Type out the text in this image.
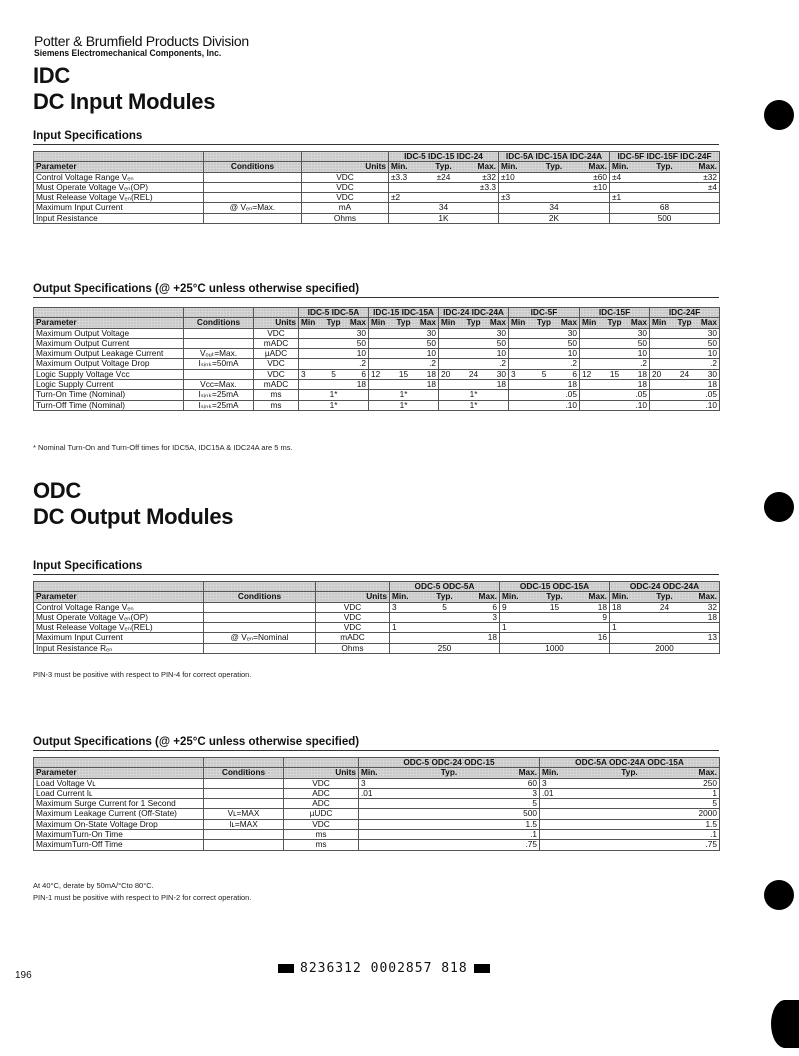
Potter & Brumfield Products Division
Siemens Electromechanical Components, Inc.
IDC
DC Input Modules
Input Specifications
			IDC-5 IDC-15 IDC-24	IDC-5A IDC-15A IDC-24A	IDC-5F IDC-15F IDC-24F
Parameter	Conditions	Units	Min. Typ. Max.	Min. Typ. Max.	Min. Typ. Max.

Control Voltage Range Vₑₙ		VDC	±3.3 ±24 ±32	±10 ±60	±4 ±32

Must Operate Voltage Vₑₙ(OP)		VDC	±3.3	±10	±4

Must Release Voltage Vₑₙ(REL)		VDC	±2	±3	±1

Maximum Input Current	@ Vₑₙ=Max.	mA	34	34	68

Input Resistance		Ohms	1K	2K	500
Output Specifications (@ +25°C unless otherwise specified)
			IDC-5 IDC-5A	IDC-15 IDC-15A	IDC-24 IDC-24A	IDC-5F	IDC-15F	IDC-24F
Parameter	Conditions	Units	Min Typ Max	Min Typ Max	Min Typ Max	Min Typ Max	Min Typ Max	Min Typ Max

Maximum Output Voltage		VDC	30	30	30	30	30	30

Maximum Output Current		mADC	50	50	50	50	50	50

Maximum Output Leakage Current	Vₒᵤₜ=Max.	µADC	10	10	10	10	10	10

Maximum Output Voltage Drop	Iₛᵢₙₖ=50mA	VDC	.2	.2	.2	.2	.2	.2

Logic Supply Voltage Vᴄᴄ		VDC	3 5 6	12 15 18	20 24 30	3 5 6	12 15 18	20 24 30

Logic Supply Current	Vᴄᴄ=Max.	mADC	18	18	18	18	18	18

Turn-On Time (Nominal)	Iₛᵢₙₖ=25mA	ms	1*	1*	1*	.05	.05	.05

Turn-Off Time (Nominal)	Iₛᵢₙₖ=25mA	ms	1*	1*	1*	.10	.10	.10
* Nominal Turn-On and Turn-Off times for IDC5A, IDC15A & IDC24A are 5 ms.
ODC
DC Output Modules
Input Specifications
			ODC-5 ODC-5A	ODC-15 ODC-15A	ODC-24 ODC-24A
Parameter	Conditions	Units	Min. Typ. Max.	Min. Typ. Max.	Min. Typ. Max.

Control Voltage Range Vₑₙ		VDC	3 5 6	9 15 18	18 24 32

Must Operate Voltage Vₑₙ(OP)		VDC	3	9	18

Must Release Voltage Vₑₙ(REL)		VDC	1	1	1

Maximum Input Current	@ Vₑₙ=Nominal	mADC	18	16	13

Input Resistance Rₑₙ		Ohms	250	1000	2000
PIN-3 must be positive with respect to PIN-4 for correct operation.
Output Specifications (@ +25°C unless otherwise specified)
			ODC-5 ODC-24 ODC-15	ODC-5A ODC-24A ODC-15A
Parameter	Conditions	Units	Min. Typ. Max.	Min. Typ. Max.

Load Voltage Vʟ		VDC	3 60	3 250

Load Current Iʟ		ADC	.01 3	.01 1

Maximum Surge Current for 1 Second		ADC	5	5

Maximum Leakage Current (Off-State)	Vʟ=MAX	µUDC	500	2000

Maximum On-State Voltage Drop	Iʟ=MAX	VDC	1.5	1.5

MaximumTurn-On Time		ms	.1	.1

MaximumTurn-Off Time		ms	.75	.75
At 40°C, derate by 50mA/°Cto 80°C.
PIN-1 must be positive with respect to PIN-2 for correct operation.
196	8236312 0002857 818
